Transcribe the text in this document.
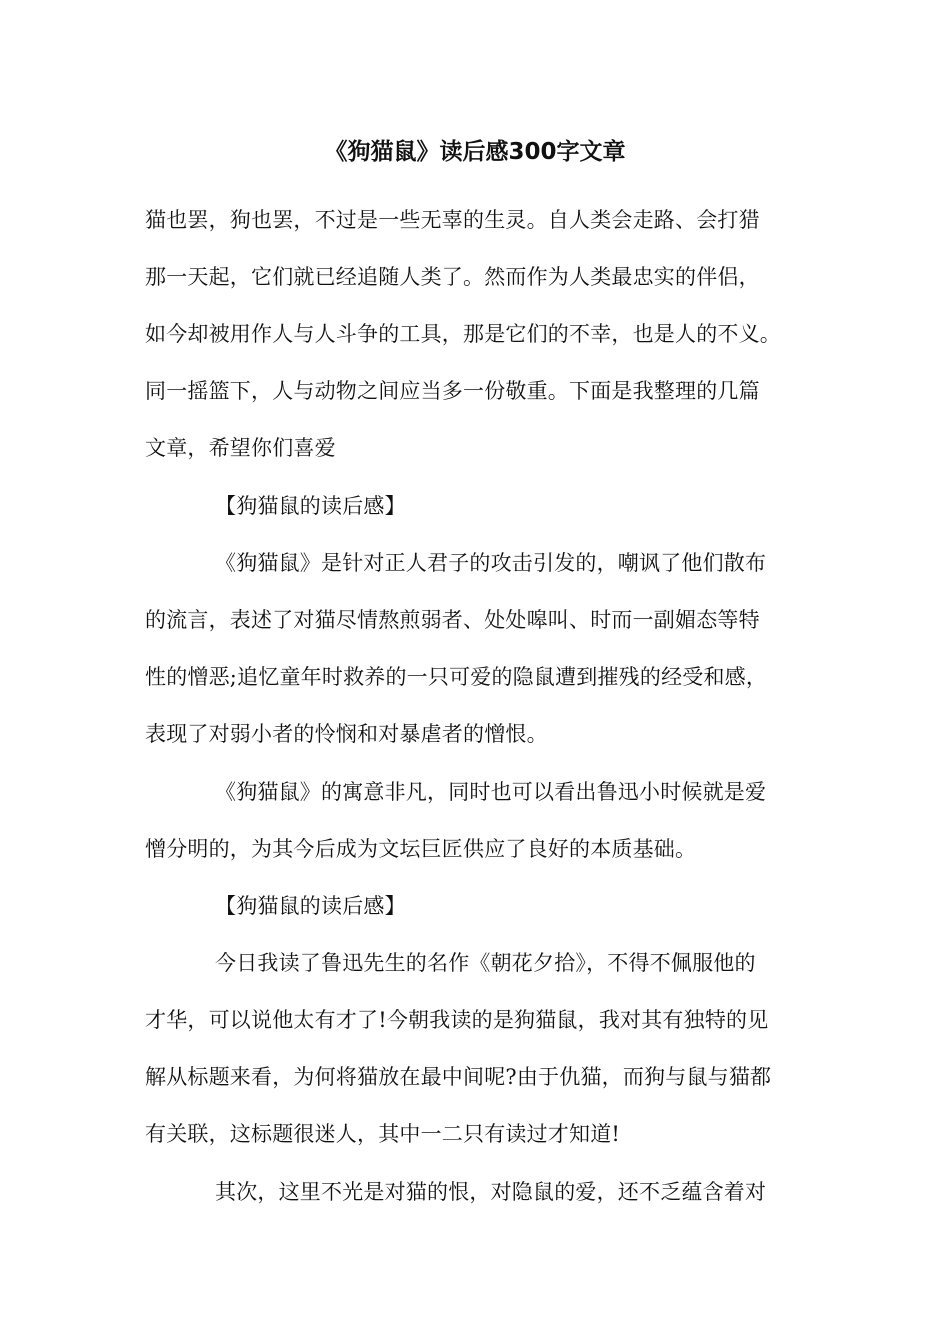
《狗猫鼠》读后感300字文章
猫也罢，狗也罢，不过是一些无辜的生灵。自人类会走路、会打猎
那一天起，它们就已经追随人类了。然而作为人类最忠实的伴侣，
如今却被用作人与人斗争的工具，那是它们的不幸，也是人的不义。
同一摇篮下，人与动物之间应当多一份敬重。下面是我整理的几篇
文章，希望你们喜爱
【狗猫鼠的读后感】
《狗猫鼠》是针对正人君子的攻击引发的，嘲讽了他们散布
的流言，表述了对猫尽情熬煎弱者、处处嗥叫、时而一副媚态等特
性的憎恶;追忆童年时救养的一只可爱的隐鼠遭到摧残的经受和感，
表现了对弱小者的怜悯和对暴虐者的憎恨。
《狗猫鼠》的寓意非凡，同时也可以看出鲁迅小时候就是爱
憎分明的，为其今后成为文坛巨匠供应了良好的本质基础。
【狗猫鼠的读后感】
今日我读了鲁迅先生的名作《朝花夕拾》，不得不佩服他的
才华，可以说他太有才了!今朝我读的是狗猫鼠，我对其有独特的见
解从标题来看，为何将猫放在最中间呢?由于仇猫，而狗与鼠与猫都
有关联，这标题很迷人，其中一二只有读过才知道!
其次，这里不光是对猫的恨，对隐鼠的爱，还不乏蕴含着对
